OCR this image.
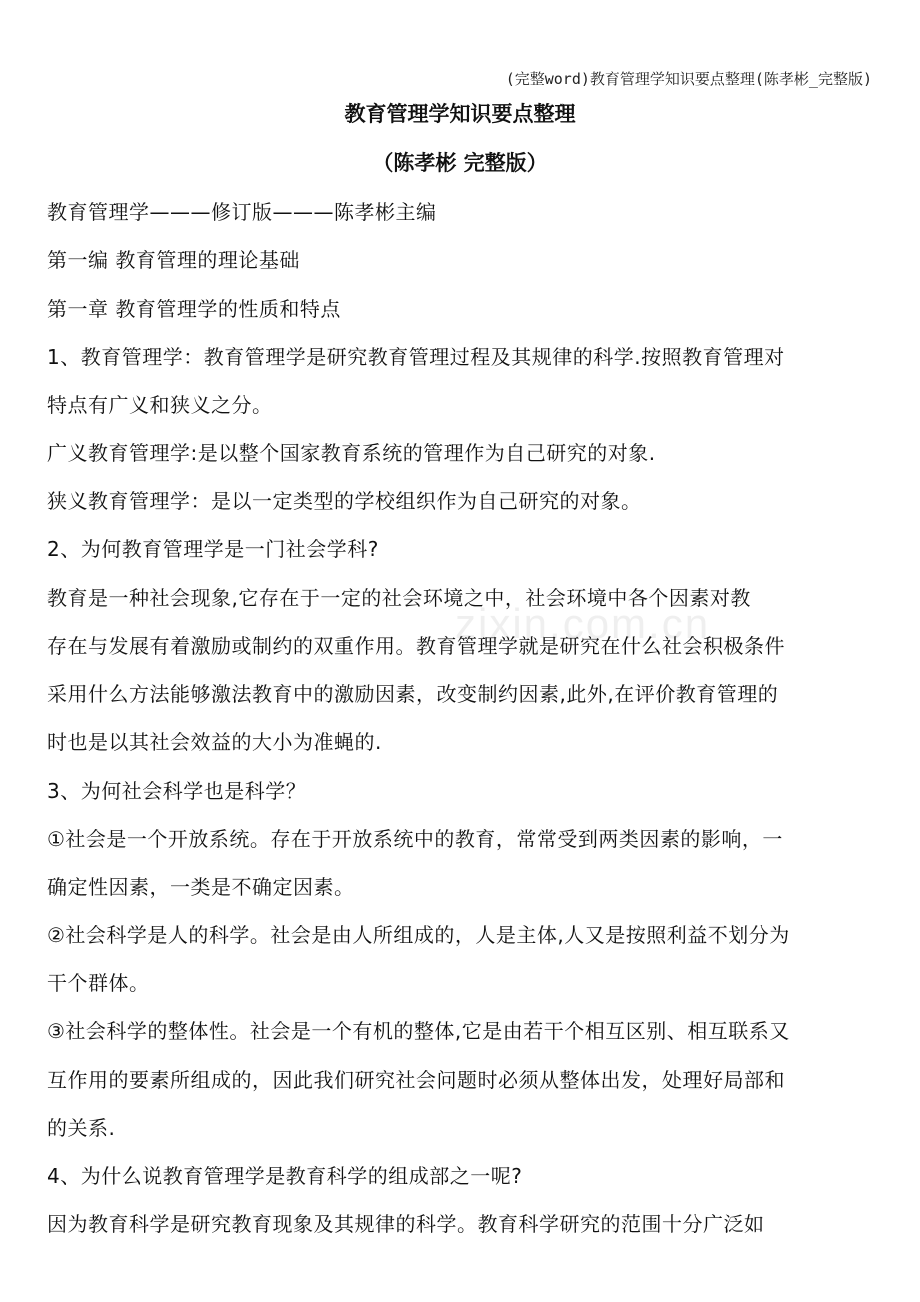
(完整word)教育管理学知识要点整理(陈孝彬_完整版)
教育管理学知识要点整理
（陈孝彬 完整版）
zixin.com.cn
教育管理学———修订版———陈孝彬主编
第一编 教育管理的理论基础
第一章 教育管理学的性质和特点
1、教育管理学：教育管理学是研究教育管理过程及其规律的科学.按照教育管理对
特点有广义和狭义之分。
广义教育管理学:是以整个国家教育系统的管理作为自己研究的对象.
狭义教育管理学：是以一定类型的学校组织作为自己研究的对象。
2、为何教育管理学是一门社会学科?
教育是一种社会现象,它存在于一定的社会环境之中，社会环境中各个因素对教
存在与发展有着激励或制约的双重作用。教育管理学就是研究在什么社会积极条件
采用什么方法能够激法教育中的激励因素，改变制约因素,此外,在评价教育管理的
时也是以其社会效益的大小为准蝇的.
3、为何社会科学也是科学？
①社会是一个开放系统。存在于开放系统中的教育，常常受到两类因素的影响，一
确定性因素，一类是不确定因素。
②社会科学是人的科学。社会是由人所组成的，人是主体,人又是按照利益不划分为
干个群体。
③社会科学的整体性。社会是一个有机的整体,它是由若干个相互区别、相互联系又
互作用的要素所组成的，因此我们研究社会问题时必须从整体出发，处理好局部和
的关系.
4、为什么说教育管理学是教育科学的组成部之一呢?
因为教育科学是研究教育现象及其规律的科学。教育科学研究的范围十分广泛如
